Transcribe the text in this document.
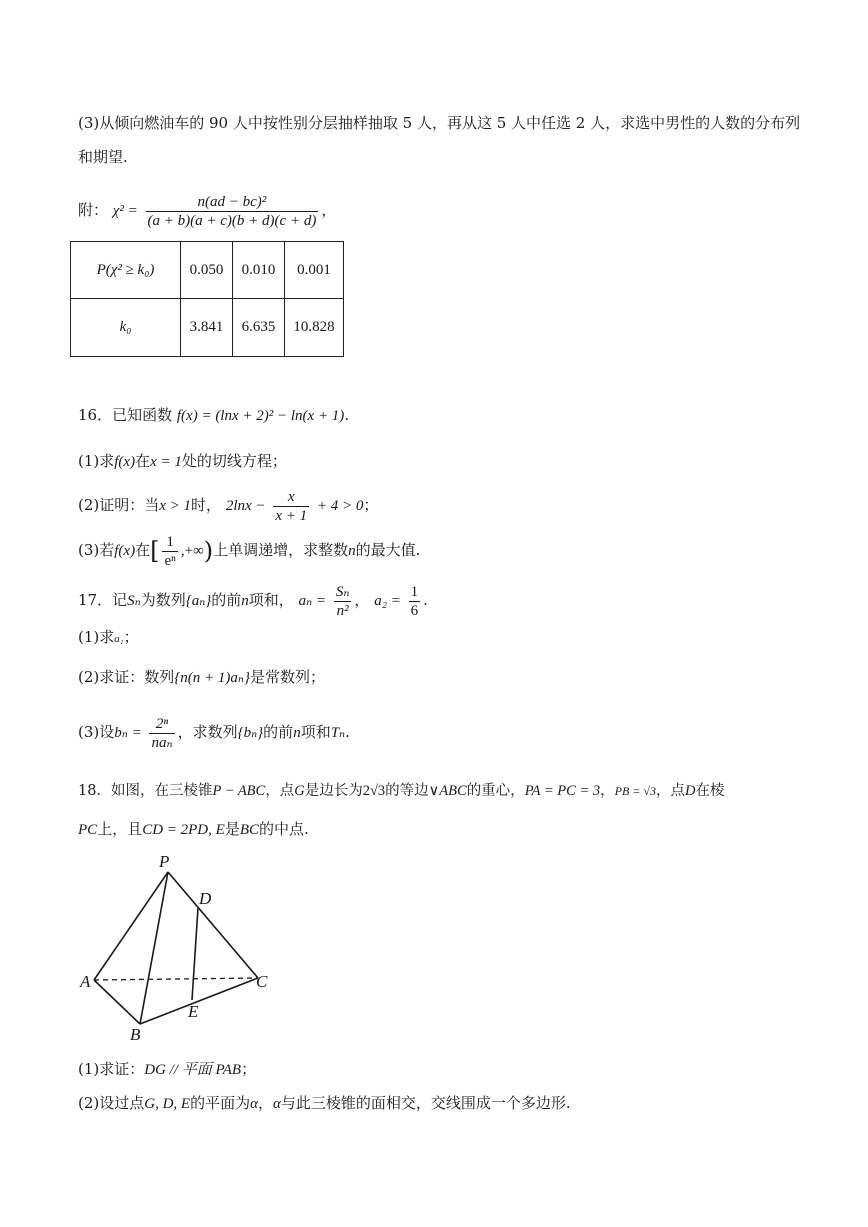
(3)从倾向燃油车的 90 人中按性别分层抽样抽取 5 人，再从这 5 人中任选 2 人，求选中男性的人数的分布列
和期望.
附： $\chi^2 = \frac{\text{n(ad − bc)²}}{(a + b)(a + c)(b + d)(c + d)}$ ，
P(χ² ≥ k₀)	0.050	0.010	0.001
k₀	3.841	6.635	10.828
16．已知函数 f(x) = (lnx + 2)² − ln(x + 1).
(1)求f(x)在x = 1处的切线方程；
(2)证明：当x > 1时， $2\ln x - \frac{x}{x + 1} + 4 > 0$；
(3)若f(x)在[ $\frac{1}{\text{eⁿ}}$ ,+∞)上单调递增，求整数n的最大值.
17．记Sₙ为数列{aₙ}的前n项和， $a_n = \frac{\text{Sₙ}}{\text{n²}}$ ， $a_2 = \frac{1}{6}$ .
(1)求a₁；
(2)求证：数列{n(n + 1)aₙ}是常数列；
(3)设$b_n = \frac{\text{2ⁿ}}{\text{naₙ}}$ ，求数列{bₙ}的前n项和Tₙ.
18．如图，在三棱锥P − ABC，点G是边长为2√3的等边∨ABC的重心，PA = PC = 3，PB = √3，点D在棱
PC上，且CD = 2PD, E是BC的中点.
P
D
A	C
E
B
(1)求证：DG // 平面 PAB；
(2)设过点G, D, E的平面为α，α与此三棱锥的面相交，交线围成一个多边形.
